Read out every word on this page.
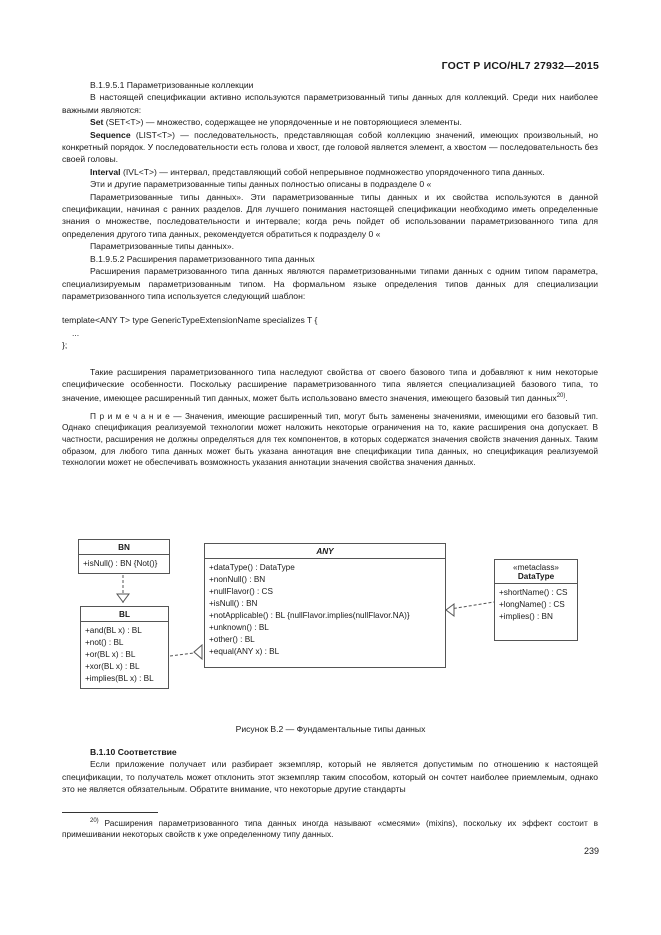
ГОСТ Р ИСО/HL7 27932—2015

B.1.9.5.1 Параметризованные коллекции

В настоящей спецификации активно используются параметризованный типы данных для коллекций. Среди них наиболее важными являются:

Set (SET<T>) — множество, содержащее не упорядоченные и не повторяющиеся элементы.

Sequence (LIST<T>) — последовательность, представляющая собой коллекцию значений, имеющих произвольный, но конкретный порядок. У последовательности есть голова и хвост, где головой является элемент, а хвостом — последовательность без своей головы.

Interval (IVL<T>) — интервал, представляющий собой непрерывное подмножество упорядоченного типа данных.

Эти и другие параметризованные типы данных полностью описаны в подразделе 0 «

Параметризованные типы данных». Эти параметризованные типы данных и их свойства используются в данной спецификации, начиная с ранних разделов. Для лучшего понимания настоящей спецификации необходимо иметь определенные знания о множестве, последовательности и интервале; когда речь пойдет об использовании параметризованного типа для определения другого типа данных, рекомендуется обратиться к подразделу 0 «

Параметризованные типы данных».

B.1.9.5.2 Расширения параметризованного типа данных

Расширения параметризованного типа данных являются параметризованными типами данных с одним типом параметра, специализируемым параметризованным типом. На формальном языке определения типов данных для специализации параметризованного типа используется следующий шаблон:

template<ANY T> type GenericTypeExtensionName specializes T {

...

};

Такие расширения параметризованного типа наследуют свойства от своего базового типа и добавляют к ним некоторые специфические особенности. Поскольку расширение параметризованного типа является специализацией базового типа, то значение, имеющее расширенный тип данных, может быть использовано вместо значения, имеющего базовый тип данных$^{20)}$.

П р и м е ч а н и е — Значения, имеющие расширенный тип, могут быть заменены значениями, имеющими его базовый тип. Однако спецификация реализуемой технологии может наложить некоторые ограничения на то, какие расширения она допускает. В частности, расширения не должны определяться для тех компонентов, в которых содержатся значения свойств значения данных. Таким образом, для любого типа данных может быть указана аннотация вне спецификации типа данных, но спецификация реализуемой технологии может не обеспечивать возможность указания аннотации значения свойства значения данных.

BN
+isNull() : BN {Not()}
BL
+and(BL x) : BL
+not() : BL
+or(BL x) : BL
+xor(BL x) : BL
+implies(BL x) : BL
ANY
+dataType() : DataType
+nonNull() : BN
+nullFlavor() : CS
+isNull() : BN
+notApplicable() : BL {nullFlavor.implies(nullFlavor.NA)}
+unknown() : BL
+other() : BL
+equal(ANY x) : BL
«metaclass»
DataType
+shortName() : CS
+longName() : CS
+implies() : BN
Рисунок B.2 — Фундаментальные типы данных

B.1.10 Соответствие

Если приложение получает или разбирает экземпляр, который не является допустимым по отношению к настоящей спецификации, то получатель может отклонить этот экземпляр таким способом, который он сочтет наиболее приемлемым, однако это не является обязательным. Обратите внимание, что некоторые другие стандарты

$^{20)}$ Расширения параметризованного типа данных иногда называют «смесями» (mixins), поскольку их эффект состоит в примешивании некоторых свойств к уже определенному типу данных.

239
